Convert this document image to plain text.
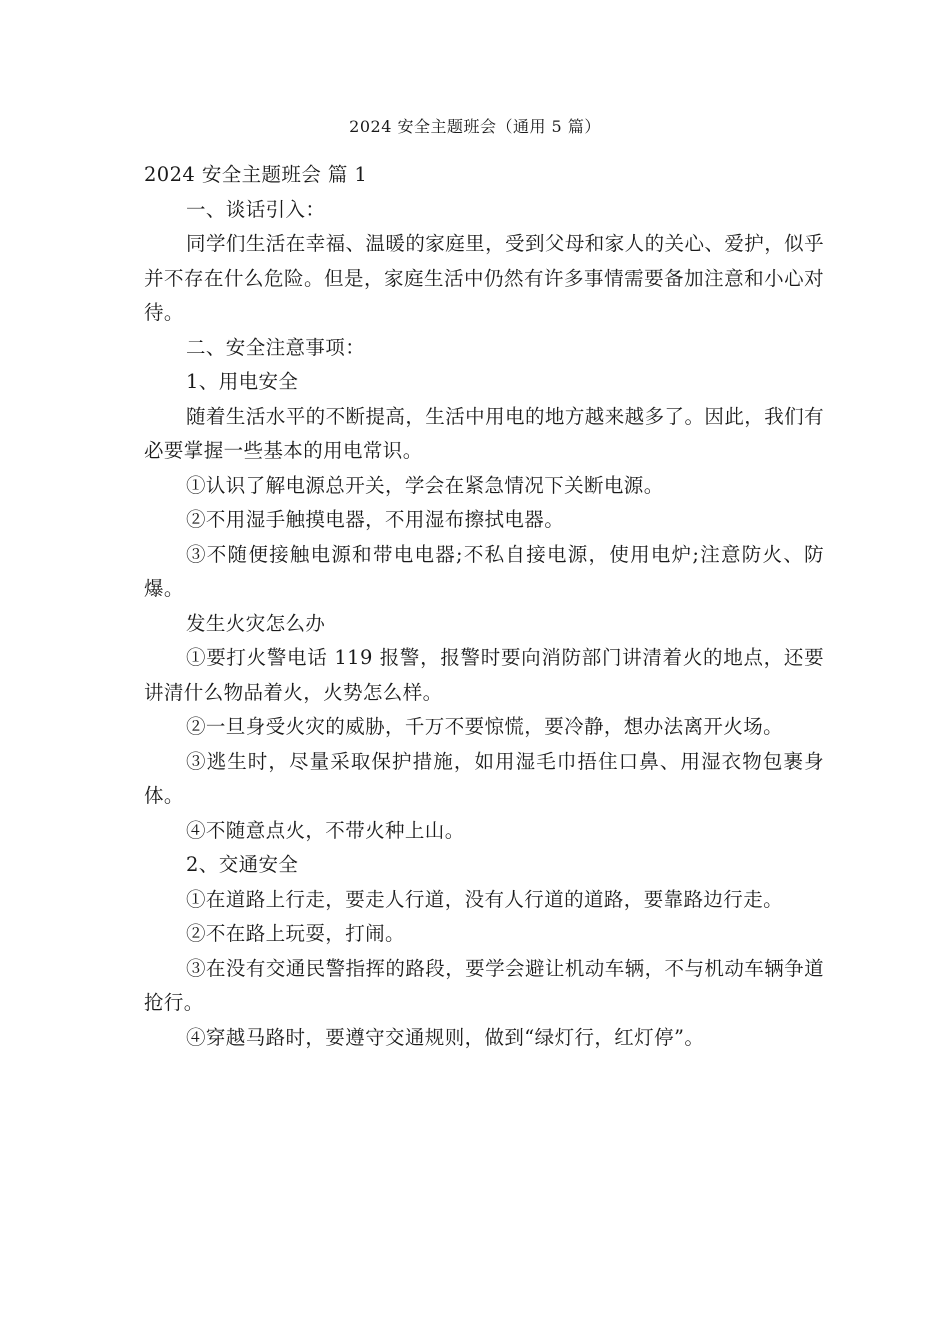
2024 安全主题班会（通用 5 篇）

2024 安全主题班会 篇 1

一、谈话引入：

同学们生活在幸福、温暖的家庭里，受到父母和家人的关心、爱护，似乎并不存在什么危险。但是，家庭生活中仍然有许多事情需要备加注意和小心对待。

二、安全注意事项：

1、用电安全

随着生活水平的不断提高，生活中用电的地方越来越多了。因此，我们有必要掌握一些基本的用电常识。

①认识了解电源总开关，学会在紧急情况下关断电源。

②不用湿手触摸电器，不用湿布擦拭电器。

③不随便接触电源和带电电器;不私自接电源，使用电炉;注意防火、防爆。

发生火灾怎么办

①要打火警电话 119 报警，报警时要向消防部门讲清着火的地点，还要讲清什么物品着火，火势怎么样。

②一旦身受火灾的威胁，千万不要惊慌，要冷静，想办法离开火场。

③逃生时，尽量采取保护措施，如用湿毛巾捂住口鼻、用湿衣物包裹身体。

④不随意点火，不带火种上山。

2、交通安全

①在道路上行走，要走人行道，没有人行道的道路，要靠路边行走。

②不在路上玩耍，打闹。

③在没有交通民警指挥的路段，要学会避让机动车辆，不与机动车辆争道抢行。

④穿越马路时，要遵守交通规则，做到“绿灯行，红灯停”。
